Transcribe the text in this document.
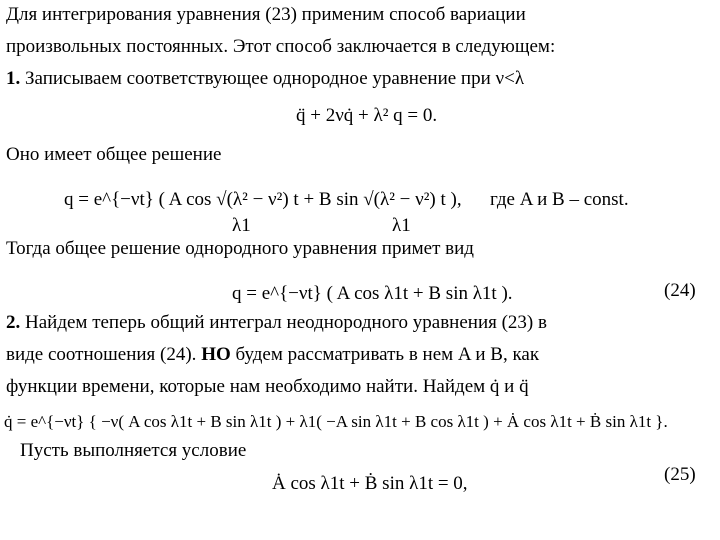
Для интегрирования уравнения (23) применим способ вариации
произвольных постоянных. Этот способ заключается в следующем:
1. Записываем соответствующее однородное уравнение при ν<λ
q̈ + 2νq̇ + λ² q = 0.
Оно имеет общее решение
q = e^{−νt} ( A cos √(λ² − ν²) t + B sin √(λ² − ν²) t ), где A и B – const.
λ1	λ1
Тогда общее решение однородного уравнения примет вид
q = e^{−νt} ( A cos λ1t + B sin λ1t ).	(24)
2. Найдем теперь общий интеграл неоднородного уравнения (23) в
виде соотношения (24). НО будем рассматривать в нем A и B, как
функции времени, которые нам необходимо найти. Найдем q̇ и q̈
q̇ = e^{−νt} { −ν( A cos λ1t + B sin λ1t ) + λ1( −A sin λ1t + B cos λ1t ) + Ȧ cos λ1t + Ḃ sin λ1t }.
Пусть выполняется условие
Ȧ cos λ1t + Ḃ sin λ1t = 0,	(25)
